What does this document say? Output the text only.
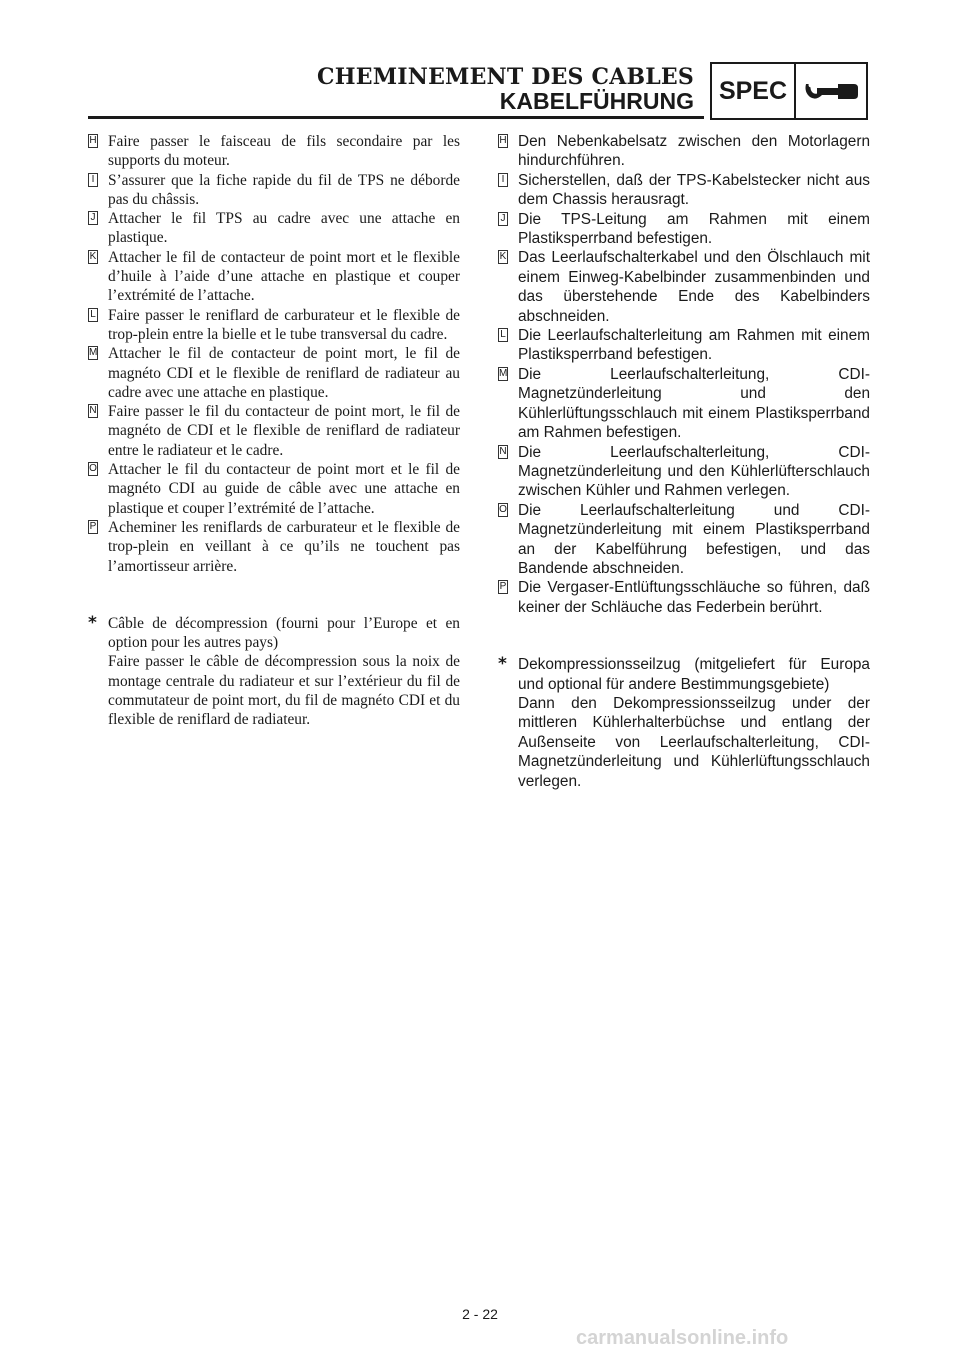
CHEMINEMENT DES CABLES
KABELFÜHRUNG SPEC
H Faire passer le faisceau de fils secondaire par les supports du moteur.
I S’assurer que la fiche rapide du fil de TPS ne déborde pas du châssis.
J Attacher le fil TPS au cadre avec une attache en plastique.
K Attacher le fil de contacteur de point mort et le flexible d’huile à l’aide d’une attache en plastique et couper l’extrémité de l’attache.
L Faire passer le reniflard de carburateur et le flexible de trop-plein entre la bielle et le tube transversal du cadre.
M Attacher le fil de contacteur de point mort, le fil de magnéto CDI et le flexible de reniflard de radiateur au cadre avec une attache en plastique.
N Faire passer le fil du contacteur de point mort, le fil de magnéto de CDI et le flexible de reniflard de radiateur entre le radiateur et le cadre.
O Attacher le fil du contacteur de point mort et le fil de magnéto CDI au guide de câble avec une attache en plastique et couper l’extrémité de l’attache.
P Acheminer les reniflards de carburateur et le flexible de trop-plein en veillant à ce qu’ils ne touchent pas l’amortisseur arrière.
* Câble de décompression (fourni pour l’Europe et en option pour les autres pays)

Faire passer le câble de décompression sous la noix de montage centrale du radiateur et sur l’extérieur du fil de commutateur de point mort, du fil de magnéto CDI et du flexible de reniflard de radiateur.

H Den Nebenkabelsatz zwischen den Motorlagern hindurchführen.
I Sicherstellen, daß der TPS-Kabelstecker nicht aus dem Chassis herausragt.
J Die TPS-Leitung am Rahmen mit einem Plastiksperrband befestigen.
K Das Leerlaufschalterkabel und den Ölschlauch mit einem Einweg-Kabelbinder zusammenbinden und das überstehende Ende des Kabelbinders abschneiden.
L Die Leerlaufschalterleitung am Rahmen mit einem Plastiksperrband befestigen.
M Die Leerlaufschalterleitung, CDI-Magnetzünderleitung und den Kühlerlüftungsschlauch mit einem Plastiksperrband am Rahmen befestigen.
N Die Leerlaufschalterleitung, CDI-Magnetzünderleitung und den Kühlerlüfterschlauch zwischen Kühler und Rahmen verlegen.
O Die Leerlaufschalterleitung und CDI-Magnetzünderleitung mit einem Plastiksperrband an der Kabelführung befestigen, und das Bandende abschneiden.
P Die Vergaser-Entlüftungsschläuche so führen, daß keiner der Schläuche das Federbein berührt.
* Dekompressionsseilzug (mitgeliefert für Europa und optional für andere Bestimmungsgebiete)

Dann den Dekompressionsseilzug under der mittleren Kühlerhalterbüchse und entlang der Außenseite von Leerlaufschalterleitung, CDI-Magnetzünderleitung und Kühlerlüftungsschlauch verlegen.

2 - 22
carmanualsonline.info
